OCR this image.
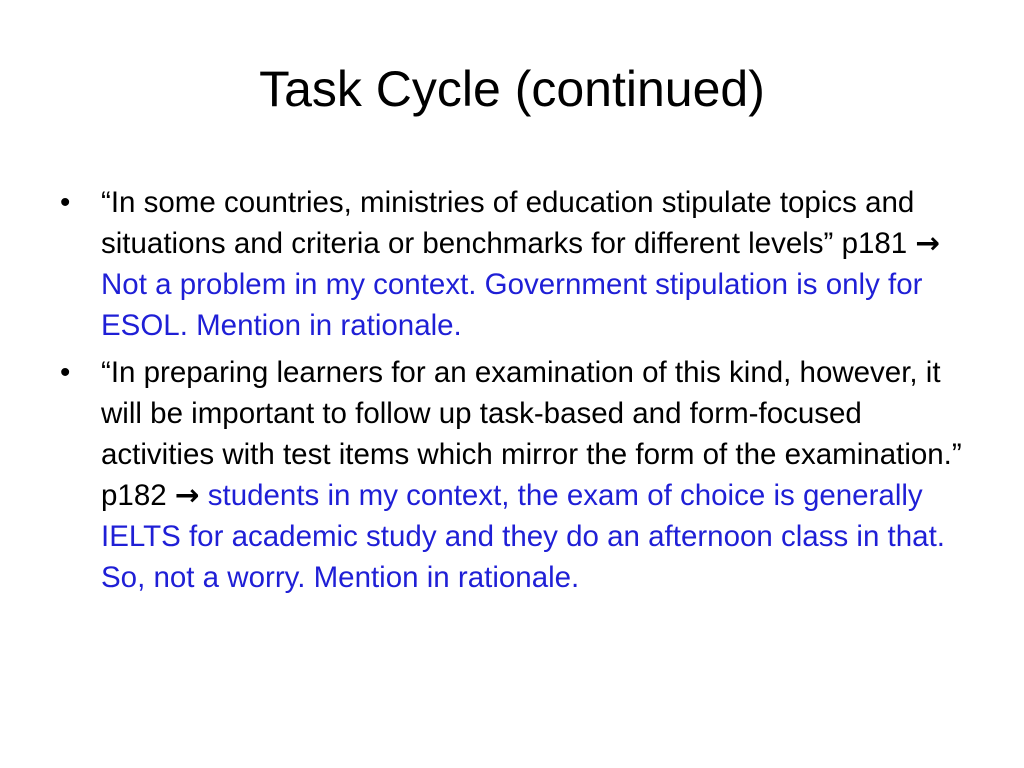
Task Cycle (continued)
• “In some countries, ministries of education stipulate topics and situations and criteria or benchmarks for different levels” p181 → Not a problem in my context. Government stipulation is only for ESOL. Mention in rationale.
• “In preparing learners for an examination of this kind, however, it will be important to follow up task-based and form-focused activities with test items which mirror the form of the examination.” p182 → students in my context, the exam of choice is generally IELTS for academic study and they do an afternoon class in that. So, not a worry. Mention in rationale.
